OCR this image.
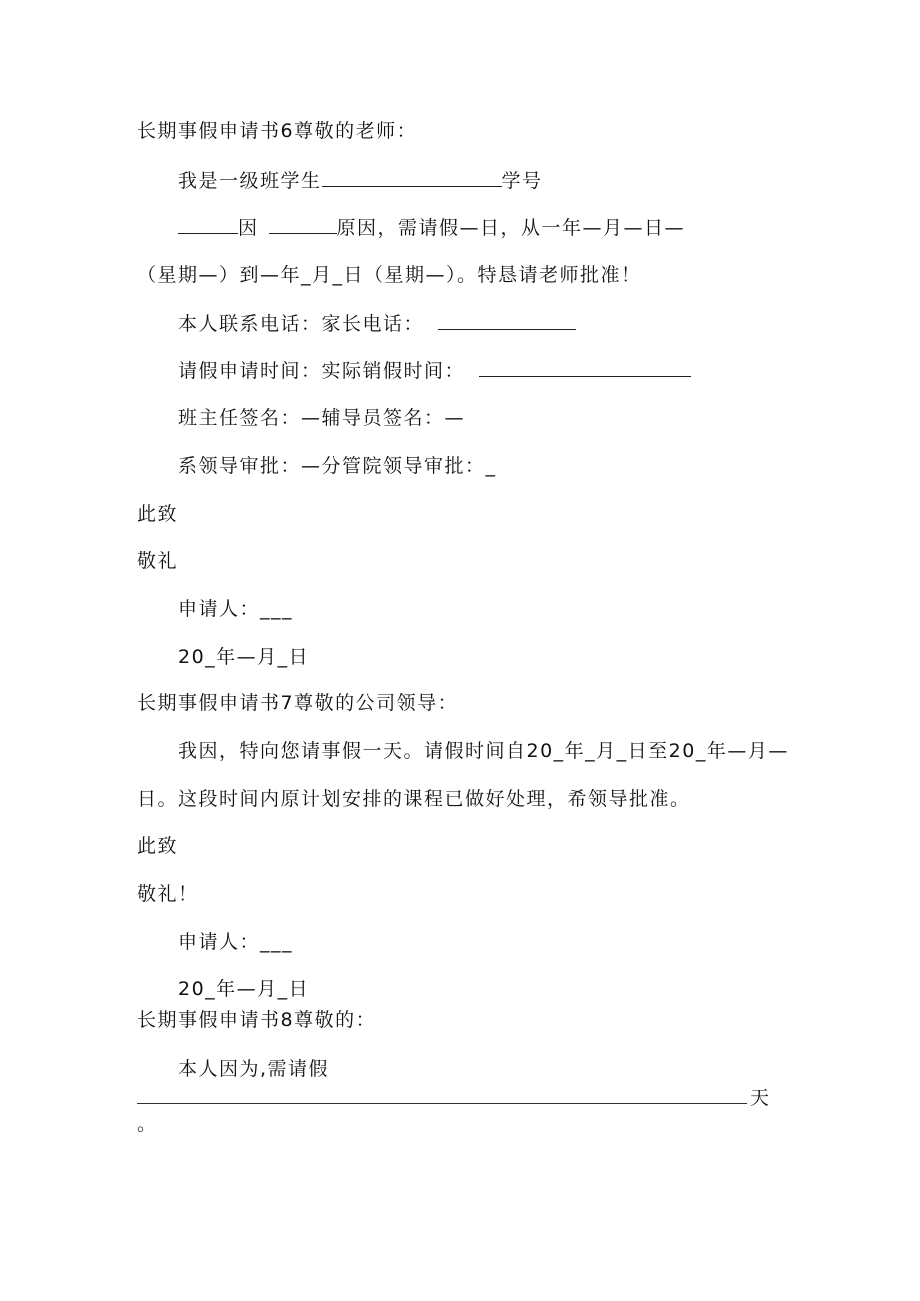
长期事假申请书6尊敬的老师：
我是一级班学生	学号
因	原因，需请假—日，从一年—月—日—
（星期—）到—年_月_日（星期—）。特恳请老师批准！
本人联系电话：家长电话：
请假申请时间：实际销假时间：
班主任签名：—辅导员签名：—
系领导审批：—分管院领导审批：_
此致
敬礼
申请人：___
20_年—月_日
长期事假申请书7尊敬的公司领导：
我因，特向您请事假一天。请假时间自20_年_月_日至20_年—月—
日。这段时间内原计划安排的课程已做好处理，希领导批准。
此致
敬礼！
申请人：___
20_年—月_日
长期事假申请书8尊敬的：
本人因为,需请假
天
。
